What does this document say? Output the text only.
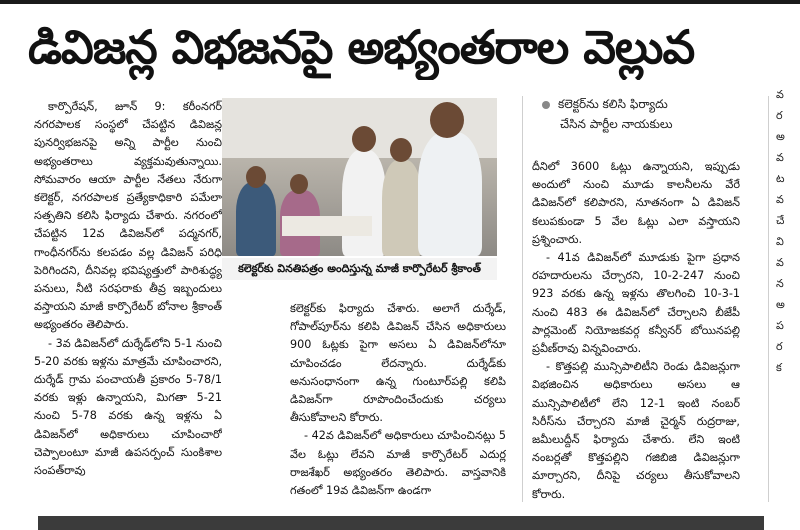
డివిజన్ల విభజనపై అభ్యంతరాల వెల్లువ

కార్పొరేషన్, జూన్ 9: కరీంనగర్ నగరపాలక సంస్థలో చేపట్టిన డివిజన్ల పునర్విభజనపై అన్ని పార్టీల నుంచి అభ్యంతరాలు వ్యక్తమవుతున్నాయి. సోమవారం ఆయా పార్టీల నేతలు నేరుగా కలెక్టర్, నగరపాలక ప్రత్యేకాధికారి పమేలా సత్పతిని కలిసి ఫిర్యాదు చేశారు. నగరంలో చేపట్టిన 12వ డివిజన్‌లో పద్మనగర్, గాంధీనగర్‌ను కలపడం వల్ల డివిజన్ పరిధి పెరిగిందని, దీనివల్ల భవిష్యత్తులో పారిశుద్ధ్య పనులు, నీటి సరఫరాకు తీవ్ర ఇబ్బందులు వస్తాయని మాజీ కార్పొరేటర్ బోనాల శ్రీకాంత్ అభ్యంతరం తెలిపారు.

- 3వ డివిజన్‌లో దుర్శేడ్‌లోని 5-1 నుంచి 5-20 వరకు ఇళ్లను మాత్రమే చూపించారని, దుర్శేడ్ గ్రామ పంచాయతీ ప్రకారం 5-78/1 వరకు ఇళ్లు ఉన్నాయని, మిగతా 5-21 నుంచి 5-78 వరకు ఉన్న ఇళ్లను ఏ డివిజన్‌లో అధికారులు చూపించారో చెప్పాలంటూ మాజీ ఉపసర్పంచ్ సుంకిశాల సంపత్‌రావు

కలెక్టర్‌కు వినతిపత్రం అందిస్తున్న మాజీ కార్పొరేటర్ శ్రీకాంత్
కలెక్టర్‌ను కలిసి ఫిర్యాదు
చేసిన పార్టీల నాయకులు

కలెక్టర్‌కు ఫిర్యాదు చేశారు. అలాగే దుర్శేడ్, గోపాల్‌పూర్‌ను కలిపి డివిజన్ చేసిన అధికారులు 900 ఓట్లకు పైగా అసలు ఏ డివిజన్‌లోనూ చూపించడం లేదన్నారు. దుర్శేడ్‌కు అనుసంధానంగా ఉన్న గుంటూర్‌పల్లి కలిపి డివిజన్‌గా రూపొందించేందుకు చర్యలు తీసుకోవాలని కోరారు.

- 42వ డివిజన్‌లో అధికారులు చూపించినట్లు 5 వేల ఓట్లు లేవని మాజీ కార్పొరేటర్ ఎదుర్ల రాజశేఖర్ అభ్యంతరం తెలిపారు. వాస్తవానికి గతంలో 19వ డివిజన్‌గా ఉండగా

దీనిలో 3600 ఓట్లు ఉన్నాయని, ఇప్పుడు అందులో నుంచి మూడు కాలనీలను వేరే డివిజన్‌లో కలిపారని, నూతనంగా ఏ డివిజన్ కలుపకుండా 5 వేల ఓట్లు ఎలా వస్తాయని ప్రశ్నించారు.

- 41వ డివిజన్‌లో మూడుకు పైగా ప్రధాన రహదారులను చేర్చారని, 10-2-247 నుంచి 923 వరకు ఉన్న ఇళ్లను తొలగించి 10-3-1 నుంచి 483 ఈ డివిజన్‌లో చేర్చాలని బీజేపీ పార్లమెంట్ నియోజకవర్గ కన్వీనర్ బోయినపల్లి ప్రవీణ్‌రావు విన్నవించారు.

- కొత్తపల్లి మున్సిపాలిటీని రెండు డివిజన్లుగా విభజించిన అధికారులు అసలు ఆ మున్సిపాలిటీలో లేని 12-1 ఇంటి నంబర్ సిరీస్‌ను చేర్చారని మాజీ చైర్మన్ రుద్రరాజు, జమీలుద్దీన్ ఫిర్యాదు చేశారు. లేని ఇంటి నంబర్లతో కొత్తపల్లిని గజిబిజి డివిజన్లుగా మార్చారని, దీనిపై చర్యలు తీసుకోవాలని కోరారు.

వ
ర
అ
వ
ట
వ
చే
వి
వ
న
అ
ప
ర
క
